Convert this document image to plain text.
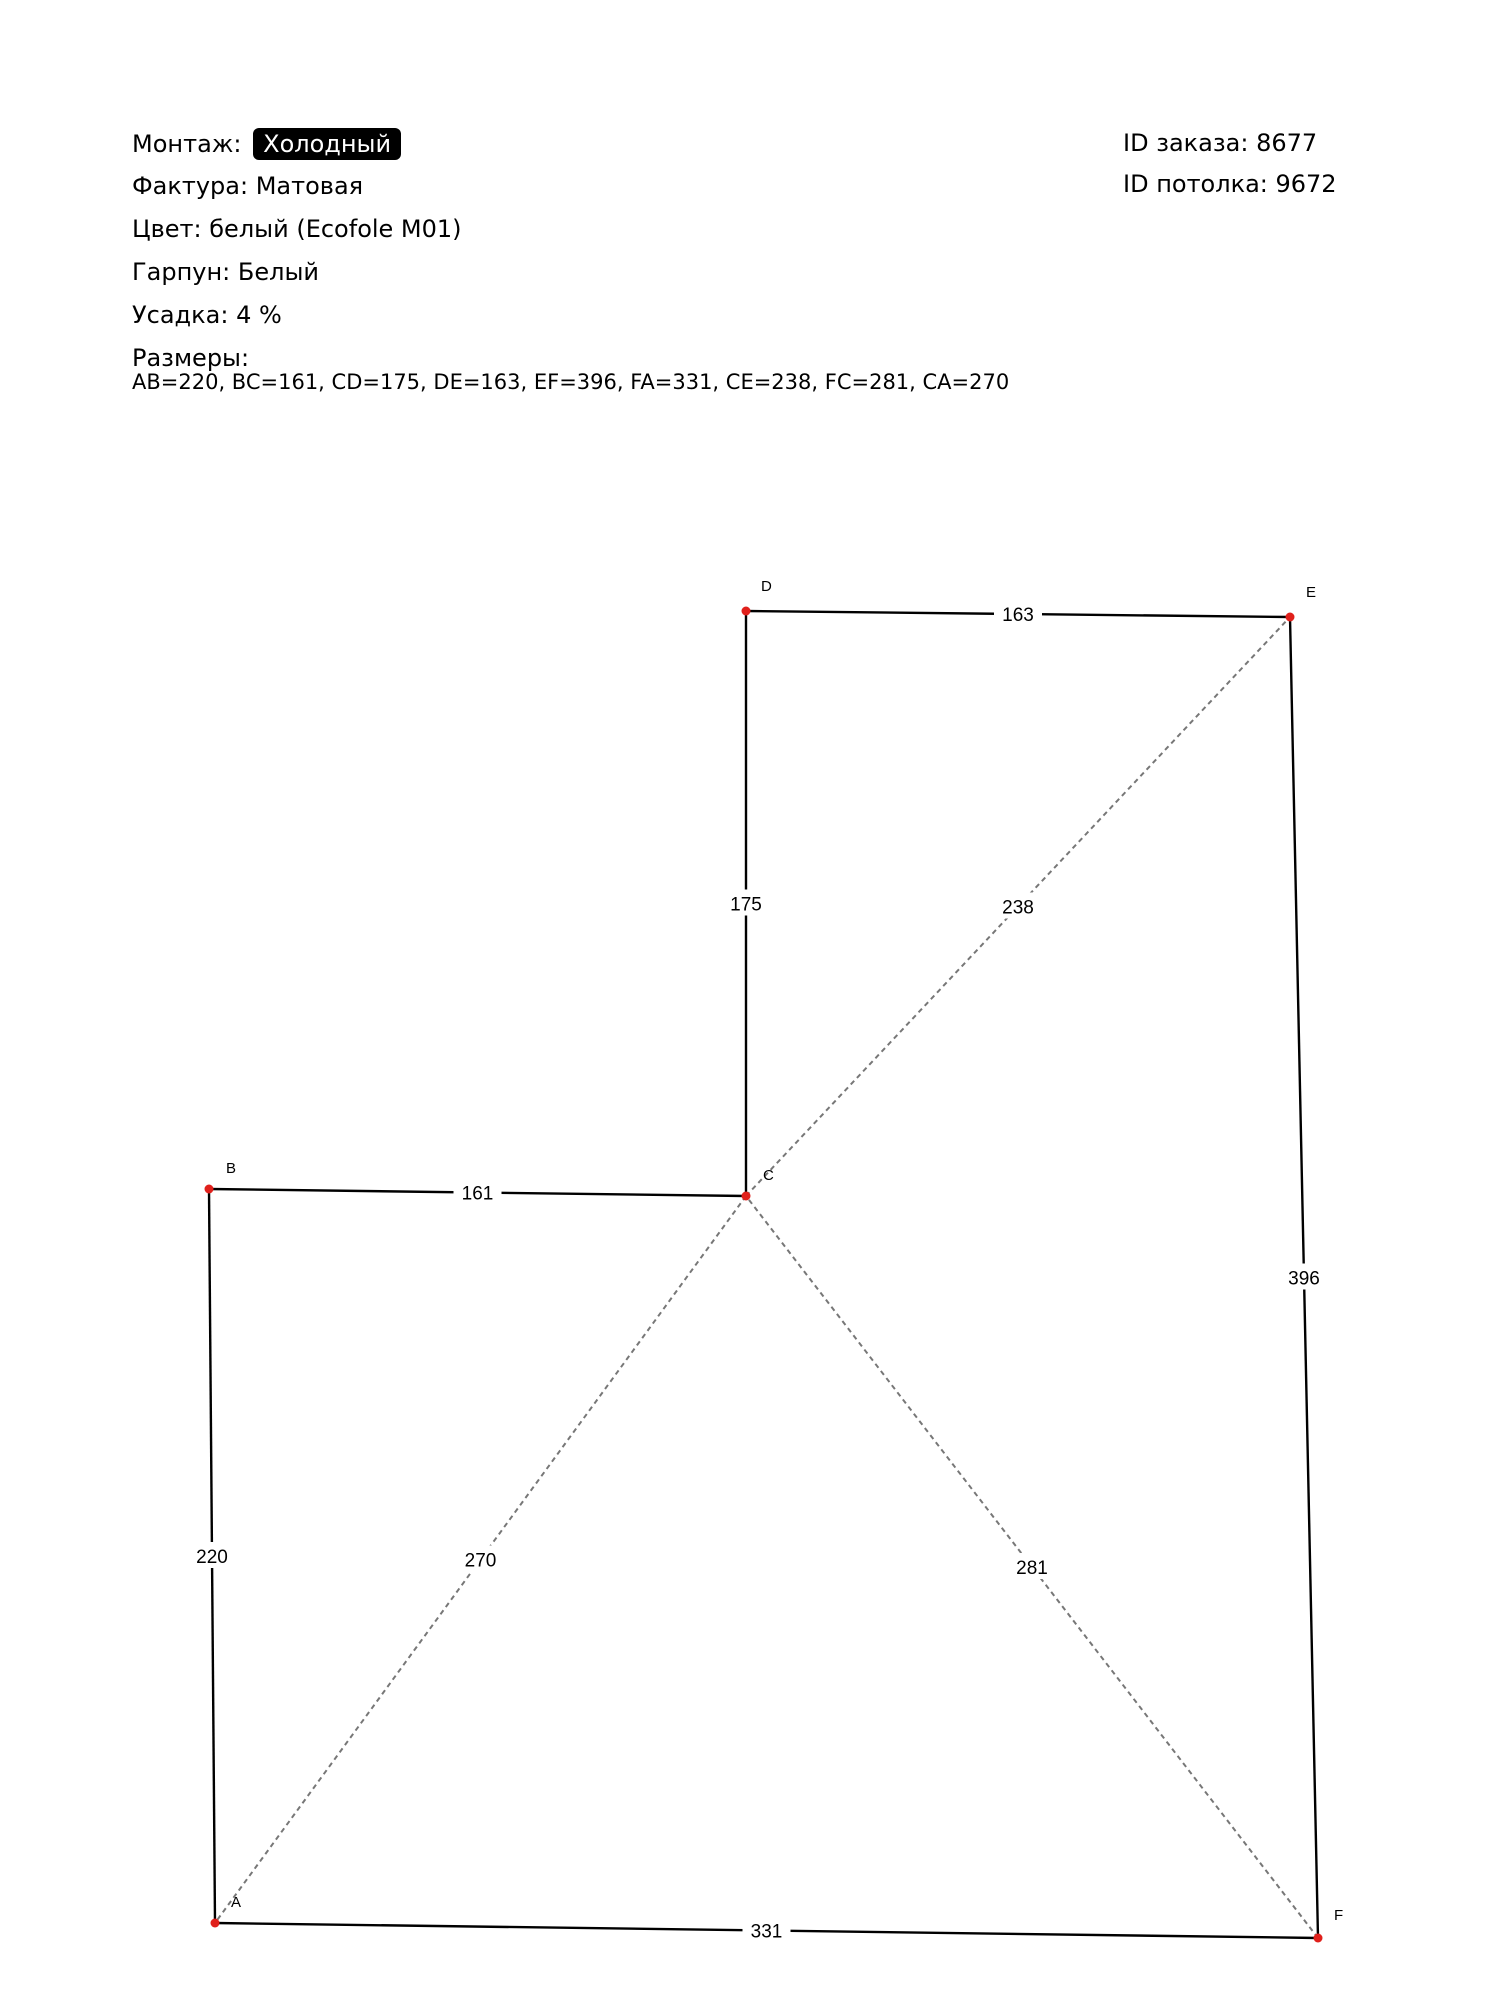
Монтаж: Холодный
Фактура: Матовая
Цвет: белый (Ecofole M01)
Гарпун: Белый
Усадка: 4 %
Размеры:
AB=220, BC=161, CD=175, DE=163, EF=396, FA=331, CE=238, FC=281, CA=270
ID заказа: 8677
ID потолка: 9672
220
161
175
163
396
331
238
281
270
A
B	C
D	E
F
